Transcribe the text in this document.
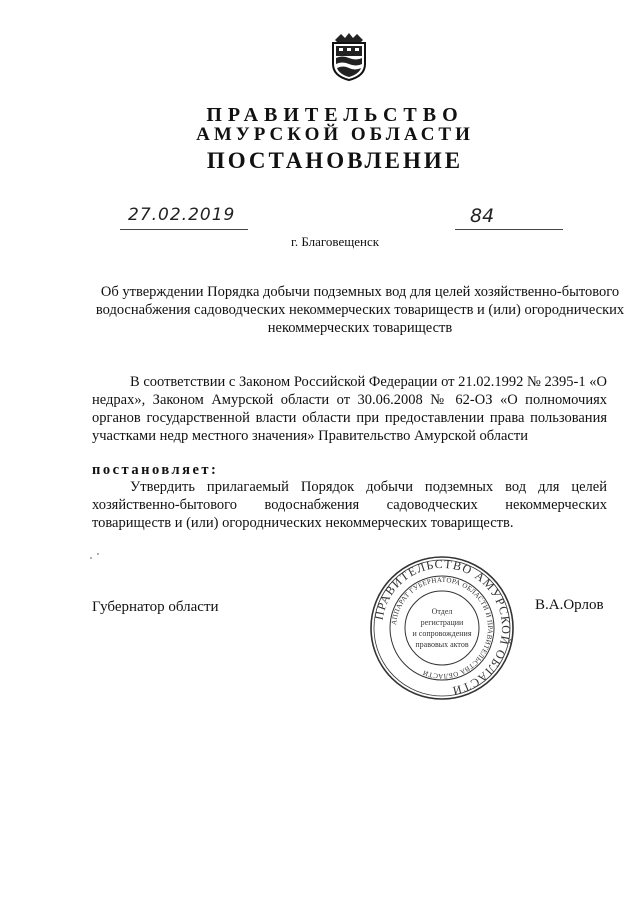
ПРАВИТЕЛЬСТВО
АМУРСКОЙ ОБЛАСТИ
ПОСТАНОВЛЕНИЕ
27.02.2019	84
г. Благовещенск
Об утверждении Порядка добычи подземных вод для целей хозяйственно-бытового водоснабжения садоводческих некоммерческих товариществ и (или) огороднических некоммерческих товариществ
В соответствии с Законом Российской Федерации от 21.02.1992 № 2395-1 «О недрах», Законом Амурской области от 30.06.2008 № 62-ОЗ «О полномочиях органов государственной власти области при предоставлении права пользования участками недр местного значения» Правительство Амурской области
постановляет:
Утвердить прилагаемый Порядок добычи подземных вод для целей хозяйственно-бытового водоснабжения садоводческих некоммерческих товариществ и (или) огороднических некоммерческих товариществ.
Губернатор области	В.А.Орлов
ПРАВИТЕЛЬСТВО АМУРСКОЙ ОБЛАСТИ
АППАРАТ ГУБЕРНАТОРА ОБЛАСТИ И ПРАВИТЕЛЬСТВА ОБЛАСТИ
Отдел
регистрации
и сопровождения
правовых актов
